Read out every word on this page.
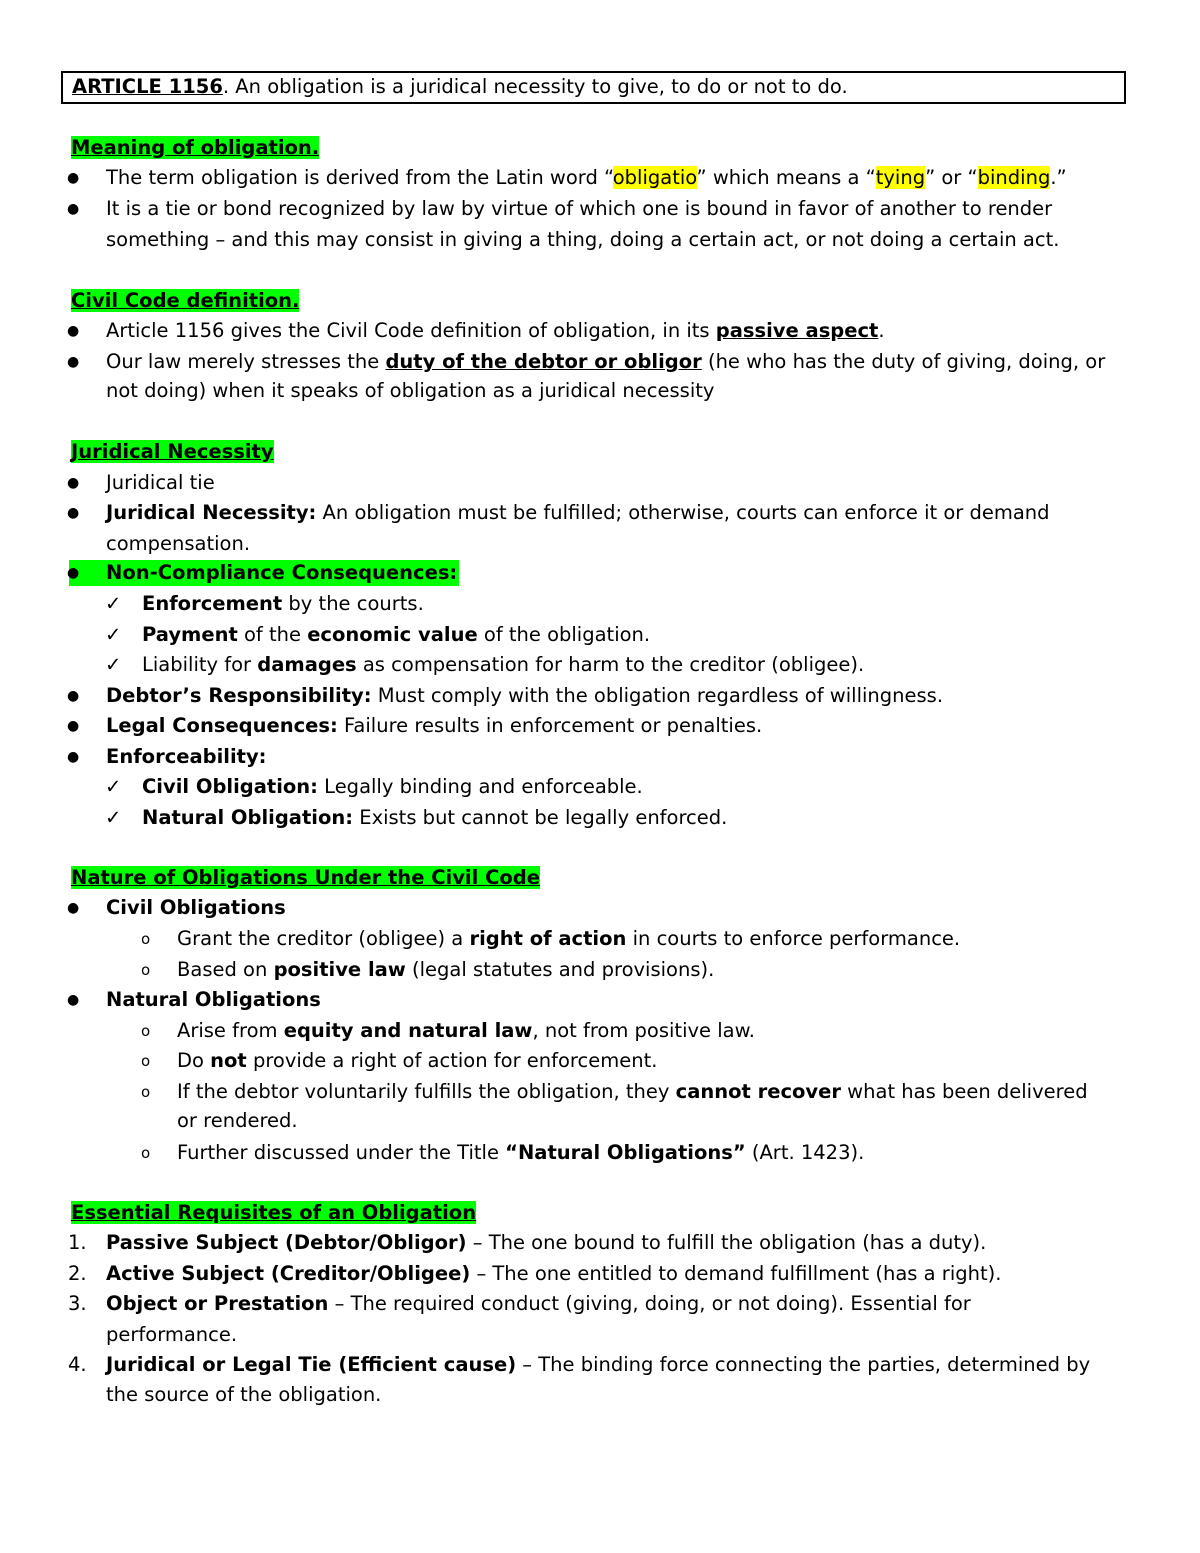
ARTICLE 1156. An obligation is a juridical necessity to give, to do or not to do.
Meaning of obligation.
● The term obligation is derived from the Latin word “obligatio” which means a “tying” or “binding.”
● It is a tie or bond recognized by law by virtue of which one is bound in favor of another to render
something – and this may consist in giving a thing, doing a certain act, or not doing a certain act.
Civil Code definition.
● Article 1156 gives the Civil Code definition of obligation, in its passive aspect.
● Our law merely stresses the duty of the debtor or obligor (he who has the duty of giving, doing, or
not doing) when it speaks of obligation as a juridical necessity
Juridical Necessity
● Juridical tie
● Juridical Necessity: An obligation must be fulfilled; otherwise, courts can enforce it or demand
compensation.
● Non-Compliance Consequences:
✓ Enforcement by the courts.
✓ Payment of the economic value of the obligation.
✓ Liability for damages as compensation for harm to the creditor (obligee).
● Debtor’s Responsibility: Must comply with the obligation regardless of willingness.
● Legal Consequences: Failure results in enforcement or penalties.
● Enforceability:
✓ Civil Obligation: Legally binding and enforceable.
✓ Natural Obligation: Exists but cannot be legally enforced.
Nature of Obligations Under the Civil Code
● Civil Obligations
o Grant the creditor (obligee) a right of action in courts to enforce performance.
o Based on positive law (legal statutes and provisions).
● Natural Obligations
o Arise from equity and natural law, not from positive law.
o Do not provide a right of action for enforcement.
o If the debtor voluntarily fulfills the obligation, they cannot recover what has been delivered
or rendered.
o Further discussed under the Title “Natural Obligations” (Art. 1423).
Essential Requisites of an Obligation
1. Passive Subject (Debtor/Obligor) – The one bound to fulfill the obligation (has a duty).
2. Active Subject (Creditor/Obligee) – The one entitled to demand fulfillment (has a right).
3. Object or Prestation – The required conduct (giving, doing, or not doing). Essential for
performance.
4. Juridical or Legal Tie (Efficient cause) – The binding force connecting the parties, determined by
the source of the obligation.
